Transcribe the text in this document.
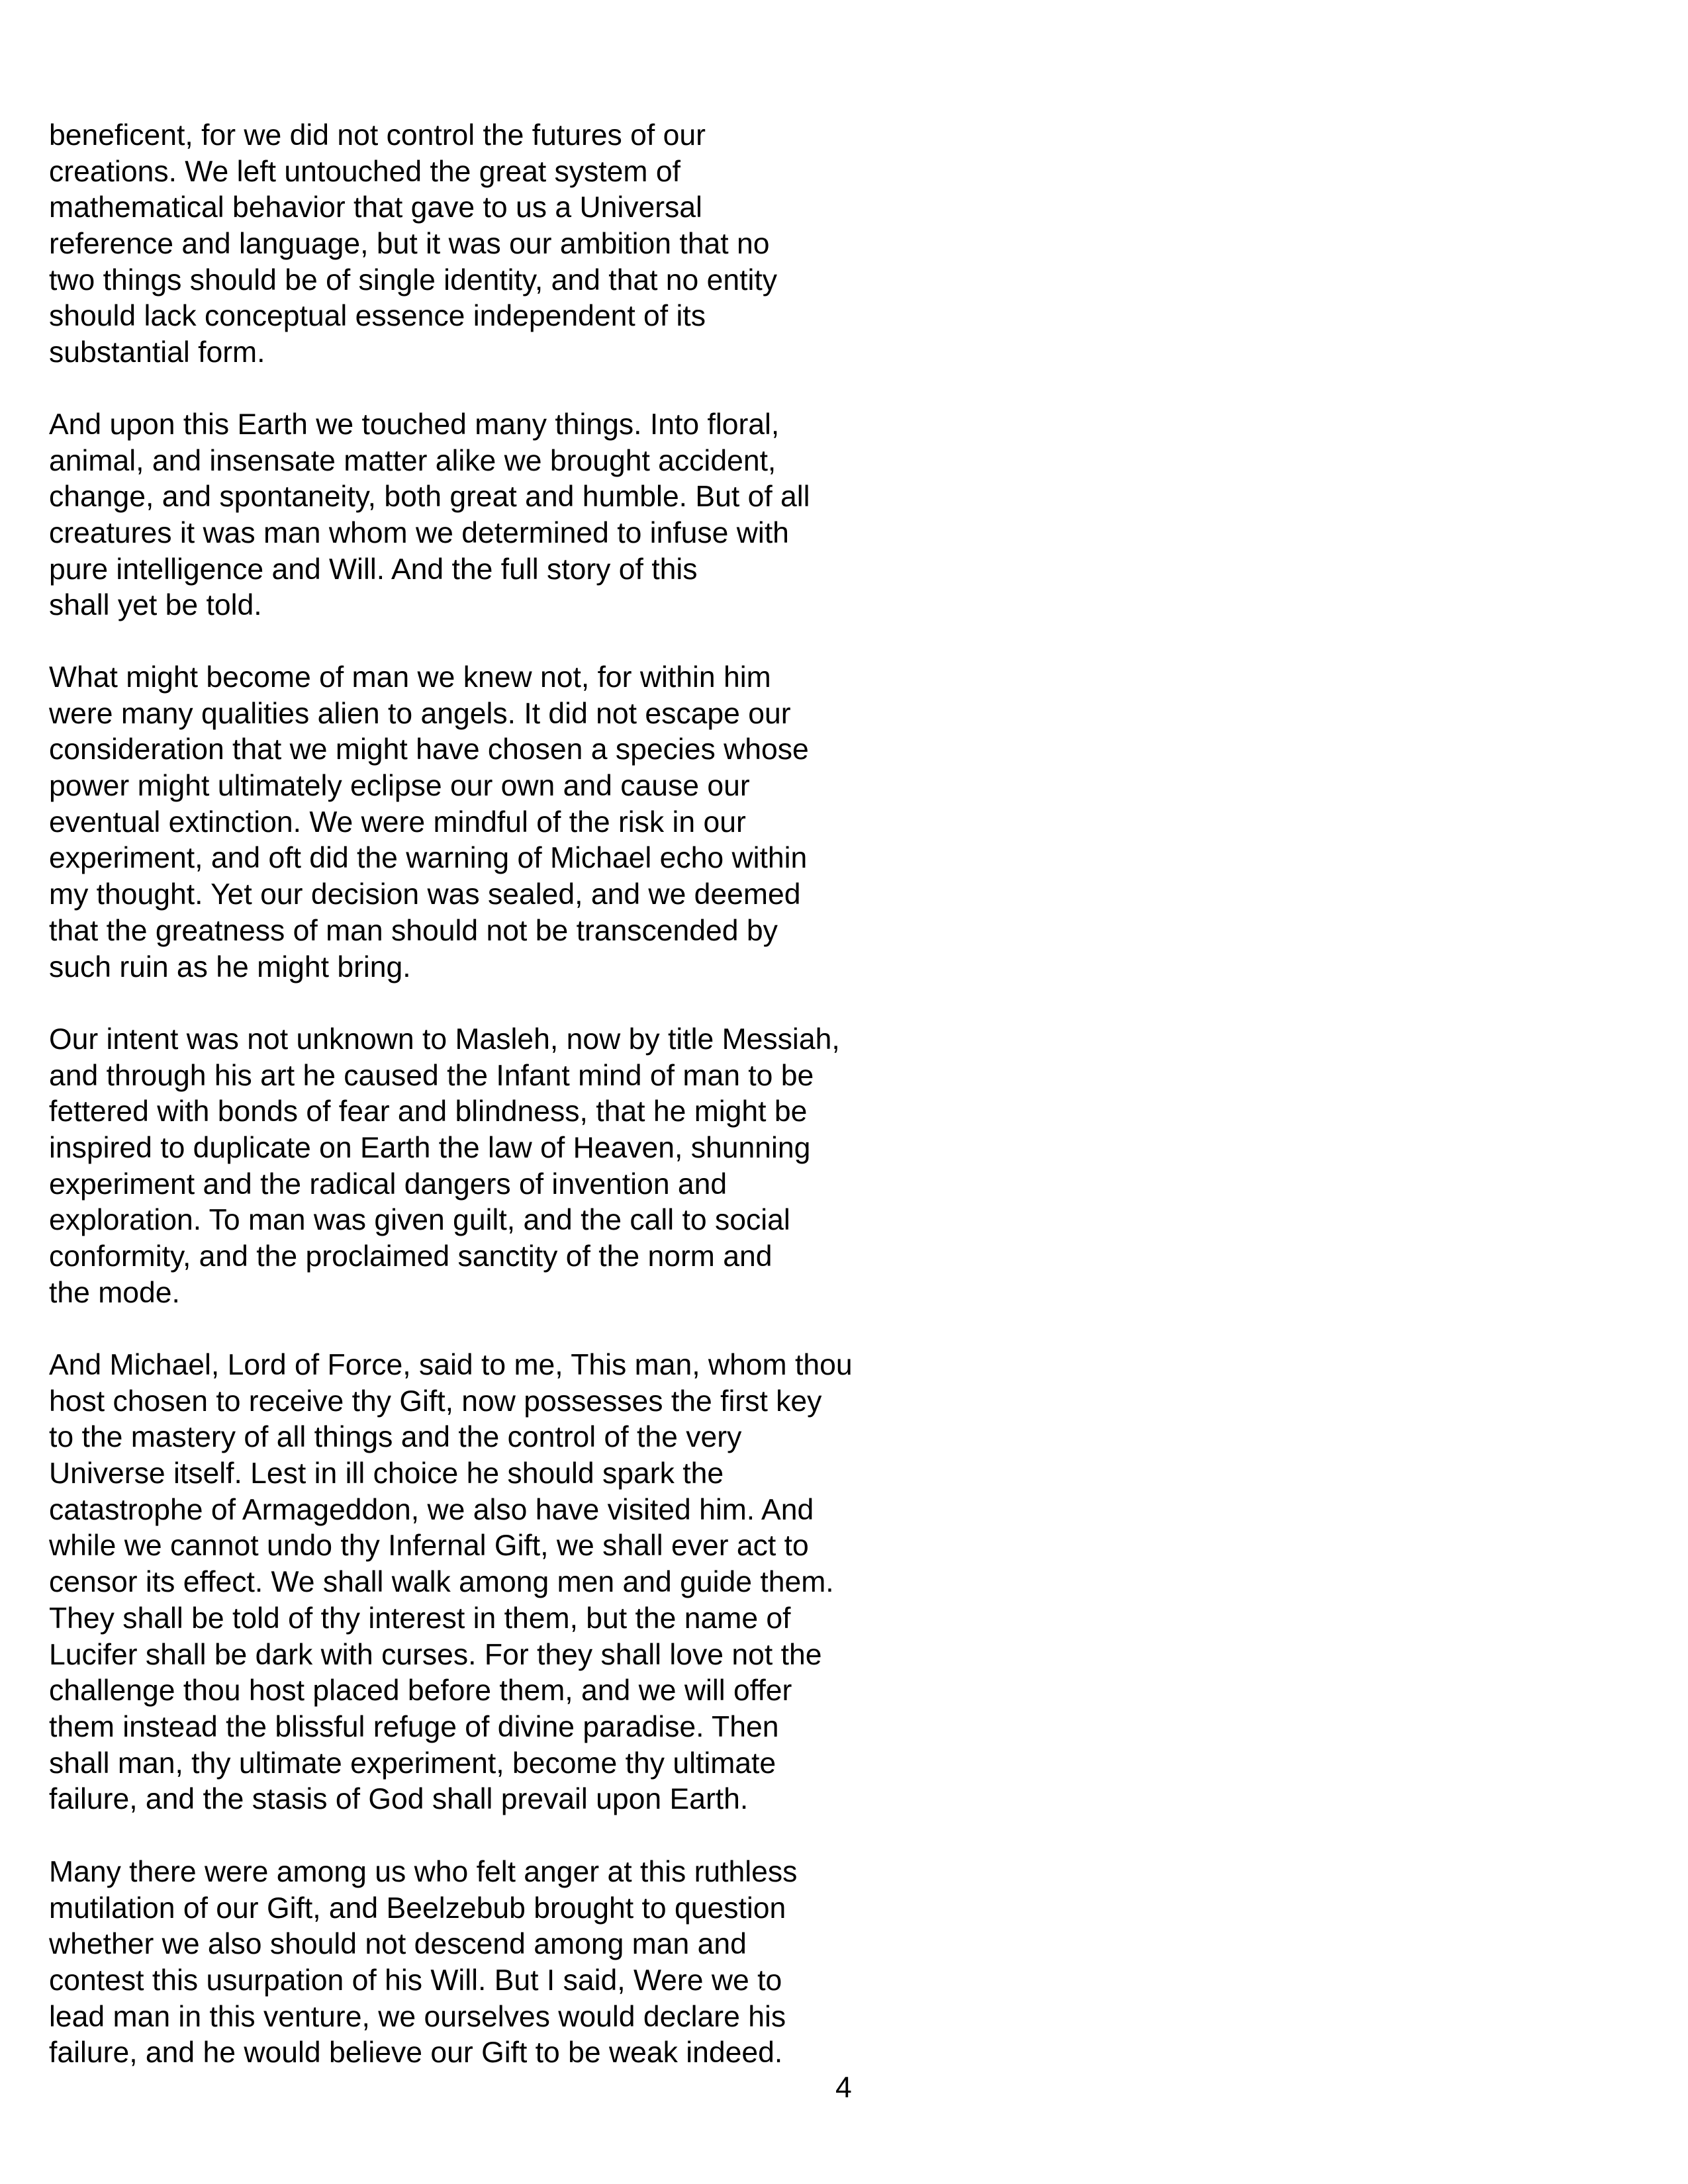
beneficent, for we did not control the futures of our
creations. We left untouched the great system of
mathematical behavior that gave to us a Universal
reference and language, but it was our ambition that no
two things should be of single identity, and that no entity
should lack conceptual essence independent of its
substantial form.
And upon this Earth we touched many things. Into floral,
animal, and insensate matter alike we brought accident,
change, and spontaneity, both great and humble. But of all
creatures it was man whom we determined to infuse with
pure intelligence and Will. And the full story of this
shall yet be told.
What might become of man we knew not, for within him
were many qualities alien to angels. It did not escape our
consideration that we might have chosen a species whose
power might ultimately eclipse our own and cause our
eventual extinction. We were mindful of the risk in our
experiment, and oft did the warning of Michael echo within
my thought. Yet our decision was sealed, and we deemed
that the greatness of man should not be transcended by
such ruin as he might bring.
Our intent was not unknown to Masleh, now by title Messiah,
and through his art he caused the Infant mind of man to be
fettered with bonds of fear and blindness, that he might be
inspired to duplicate on Earth the law of Heaven, shunning
experiment and the radical dangers of invention and
exploration. To man was given guilt, and the call to social
conformity, and the proclaimed sanctity of the norm and
the mode.
And Michael, Lord of Force, said to me, This man, whom thou
host chosen to receive thy Gift, now possesses the first key
to the mastery of all things and the control of the very
Universe itself. Lest in ill choice he should spark the
catastrophe of Armageddon, we also have visited him. And
while we cannot undo thy Infernal Gift, we shall ever act to
censor its effect. We shall walk among men and guide them.
They shall be told of thy interest in them, but the name of
Lucifer shall be dark with curses. For they shall love not the
challenge thou host placed before them, and we will offer
them instead the blissful refuge of divine paradise. Then
shall man, thy ultimate experiment, become thy ultimate
failure, and the stasis of God shall prevail upon Earth.
Many there were among us who felt anger at this ruthless
mutilation of our Gift, and Beelzebub brought to question
whether we also should not descend among man and
contest this usurpation of his Will. But I said, Were we to
lead man in this venture, we ourselves would declare his
failure, and he would believe our Gift to be weak indeed.
4
